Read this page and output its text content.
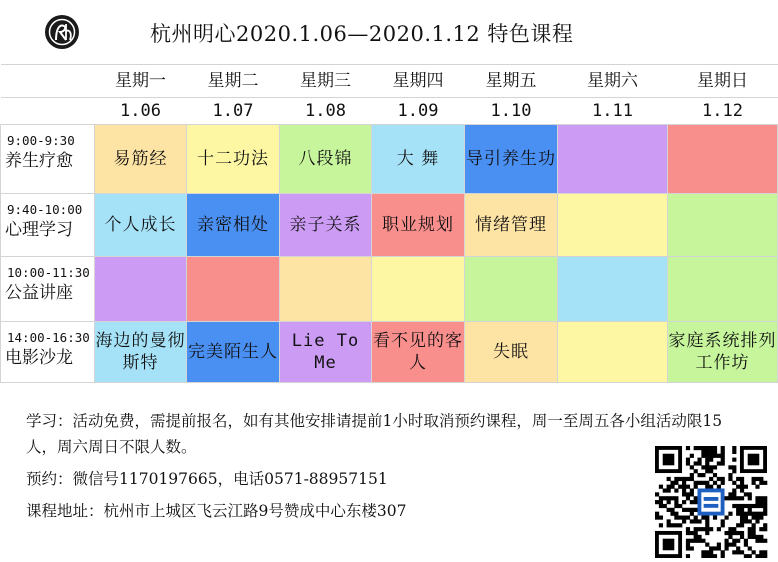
杭州明心2020.1.06—2020.1.12 特色课程
	星期一	星期二	星期三	星期四	星期五	星期六	星期日
	1.06	1.07	1.08	1.09	1.10	1.11	1.12

9:00-9:30
养生疗愈	易筋经	十二功法	八段锦	大 舞	导引养生功		

9:40-10:00
心理学习	个人成长	亲密相处	亲子关系	职业规划	情绪管理		

10:00-11:30
公益讲座							

14:00-16:30
电影沙龙	海边的曼彻斯特	完美陌生人	Lie To Me	看不见的客人	失眠		家庭系统排列工作坊

学习：活动免费，需提前报名，如有其他安排请提前1小时取消预约课程，周一至周五各小组活动限15人，周六周日不限人数。

预约：微信号1170197665，电话0571-88957151

课程地址：杭州市上城区飞云江路9号赞成中心东楼307
